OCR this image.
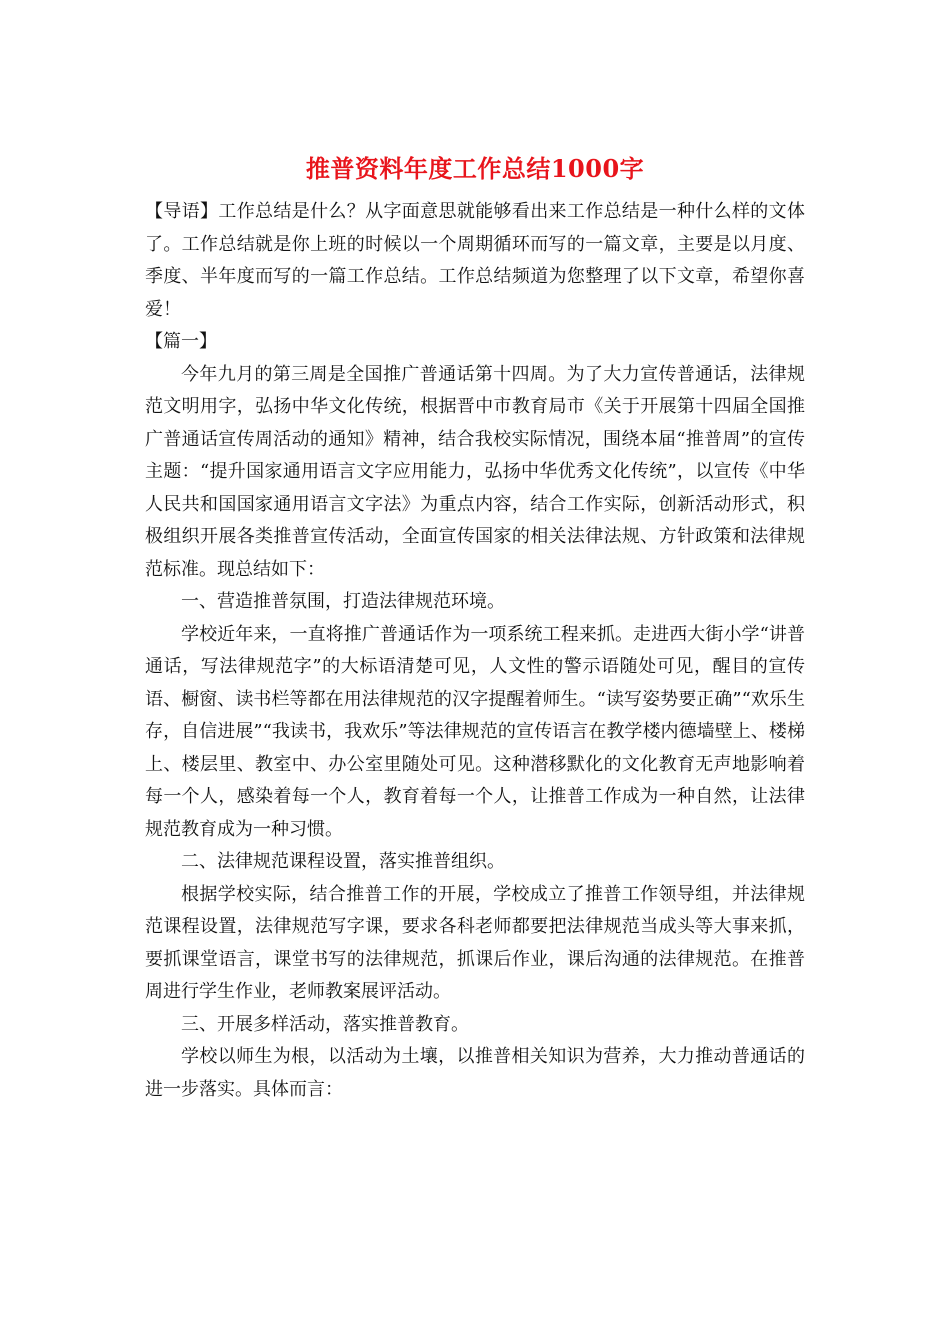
推普资料年度工作总结1000字

【导语】工作总结是什么？从字面意思就能够看出来工作总结是一种什么样的文体了。工作总结就是你上班的时候以一个周期循环而写的一篇文章，主要是以月度、季度、半年度而写的一篇工作总结。工作总结频道为您整理了以下文章，希望你喜爱！

【篇一】

今年九月的第三周是全国推广普通话第十四周。为了大力宣传普通话，法律规范文明用字，弘扬中华文化传统，根据晋中市教育局市《关于开展第十四届全国推广普通话宣传周活动的通知》精神，结合我校实际情况，围绕本届“推普周”的宣传主题：“提升国家通用语言文字应用能力，弘扬中华优秀文化传统”，以宣传《中华人民共和国国家通用语言文字法》为重点内容，结合工作实际，创新活动形式，积极组织开展各类推普宣传活动，全面宣传国家的相关法律法规、方针政策和法律规范标准。现总结如下：

一、营造推普氛围，打造法律规范环境。

学校近年来，一直将推广普通话作为一项系统工程来抓。走进西大街小学“讲普通话，写法律规范字”的大标语清楚可见，人文性的警示语随处可见，醒目的宣传语、橱窗、读书栏等都在用法律规范的汉字提醒着师生。“读写姿势要正确”“欢乐生存，自信进展”“我读书，我欢乐”等法律规范的宣传语言在教学楼内德墙壁上、楼梯上、楼层里、教室中、办公室里随处可见。这种潜移默化的文化教育无声地影响着每一个人，感染着每一个人，教育着每一个人，让推普工作成为一种自然，让法律规范教育成为一种习惯。

二、法律规范课程设置，落实推普组织。

根据学校实际，结合推普工作的开展，学校成立了推普工作领导组，并法律规范课程设置，法律规范写字课，要求各科老师都要把法律规范当成头等大事来抓，要抓课堂语言，课堂书写的法律规范，抓课后作业，课后沟通的法律规范。在推普周进行学生作业，老师教案展评活动。

三、开展多样活动，落实推普教育。

学校以师生为根，以活动为土壤，以推普相关知识为营养，大力推动普通话的进一步落实。具体而言：
